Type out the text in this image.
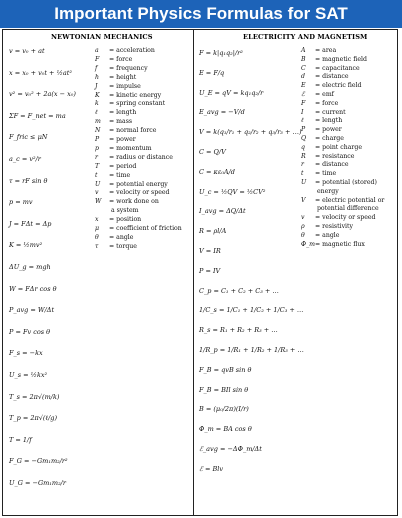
Important Physics Formulas for SAT
NEWTONIAN MECHANICS	ELECTRICITY AND MAGNETISM
v = v₀ + at
x = x₀ + v₀t + ½at²
v² = v₀² + 2a(x − x₀)
ΣF = F_net = ma
F_fric ≤ μN
a_c = v²/r
τ = rF sin θ
p = mv
J = FΔt = Δp
K = ½mv²
ΔU_g = mgh
W = FΔr cos θ
P_avg = W/Δt
P = Fv cos θ
F_s = −kx
U_s = ½kx²
T_s = 2π√(m/k)
T_p = 2π√(ℓ/g)
T = 1/f
F_G = −Gm₁m₂/r²
U_G = −Gm₁m₂/r
a = acceleration
F = force
f = frequency
h = height
J = impulse
K = kinetic energy
k = spring constant
ℓ = length
m = mass
N = normal force
P = power
p = momentum
r = radius or distance
T = period
t = time
U = potential energy
v = velocity or speed
W = work done on
a system
x = position
μ = coefficient of friction
θ = angle
τ = torque
F = k|q₁q₂|/r²
E = F/q
U_E = qV = kq₁q₂/r
E_avg = −V/d
V = k(q₁/r₁ + q₂/r₂ + q₃/r₃ + …)
C = Q/V
C = κε₀A/d
U_c = ½QV = ½CV²
I_avg = ΔQ/Δt
R = ρl/A
V = IR
P = IV
C_p = C₁ + C₂ + C₃ + …
1/C_s = 1/C₁ + 1/C₂ + 1/C₃ + …
R_s = R₁ + R₂ + R₃ + …
1/R_p = 1/R₁ + 1/R₂ + 1/R₃ + …
F_B = qvB sin θ
F_B = BIl sin θ
B = (μ₀/2π)(I/r)
Φ_m = BA cos θ
ℰ_avg = −ΔΦ_m/Δt
ℰ = Blv
A = area
B = magnetic field
C = capacitance
d = distance
E = electric field
ℰ = emf
F = force
I = current
ℓ = length
P = power
Q = charge
q = point charge
R = resistance
r = distance
t = time
U = potential (stored)
energy
V = electric potential or
potential difference
v = velocity or speed
ρ = resistivity
θ = angle
Φ_m= magnetic flux
